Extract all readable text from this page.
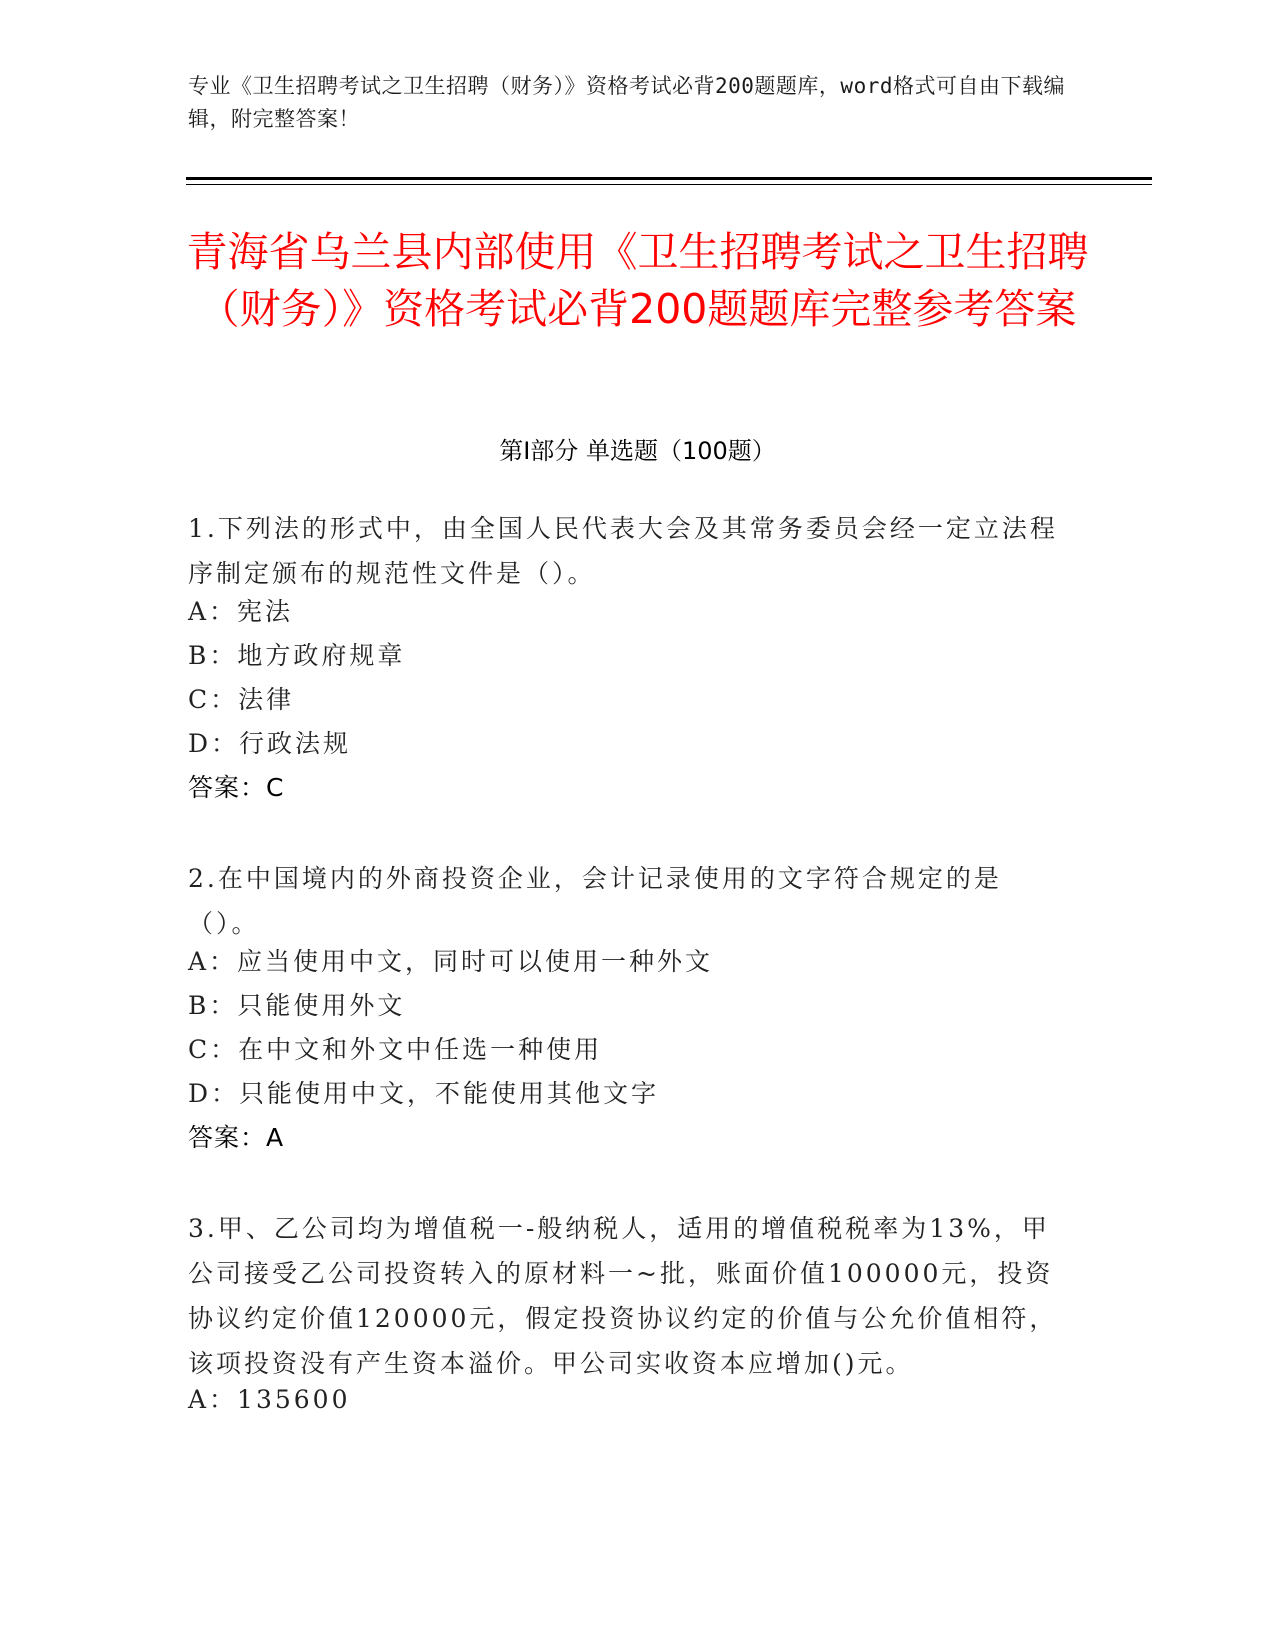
专业《卫生招聘考试之卫生招聘（财务）》资格考试必背200题题库，word格式可自由下载编辑，附完整答案！
青海省乌兰县内部使用《卫生招聘考试之卫生招聘（财务）》资格考试必背200题题库完整参考答案
第I部分 单选题（100题）

1.下列法的形式中，由全国人民代表大会及其常务委员会经一定立法程序制定颁布的规范性文件是（）。

A：宪法
B：地方政府规章
C：法律
D：行政法规
答案：C

2.在中国境内的外商投资企业，会计记录使用的文字符合规定的是（）。

A：应当使用中文，同时可以使用一种外文
B：只能使用外文
C：在中文和外文中任选一种使用
D：只能使用中文，不能使用其他文字
答案：A

3.甲、乙公司均为增值税一-般纳税人，适用的增值税税率为13%，甲公司接受乙公司投资转入的原材料一~批，账面价值100000元，投资协议约定价值120000元，假定投资协议约定的价值与公允价值相符，该项投资没有产生资本溢价。甲公司实收资本应增加()元。

A：135600
